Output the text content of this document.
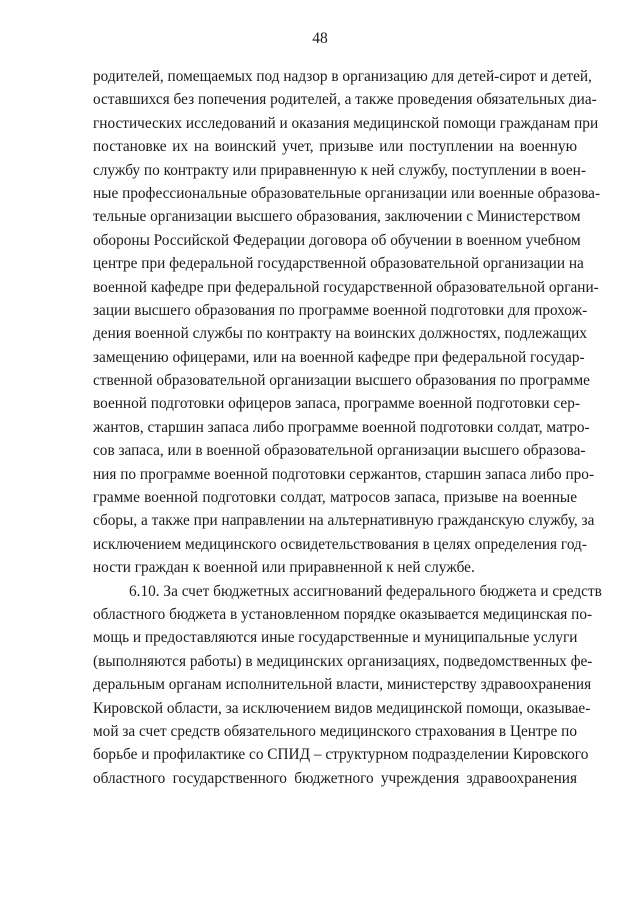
48
родителей, помещаемых под надзор в организацию для детей-сирот и детей,
оставшихся без попечения родителей, а также проведения обязательных диа-
гностических исследований и оказания медицинской помощи гражданам при
постановке их на воинский учет, призыве или поступлении на военную
службу по контракту или приравненную к ней службу, поступлении в воен-
ные профессиональные образовательные организации или военные образова-
тельные организации высшего образования, заключении с Министерством
обороны Российской Федерации договора об обучении в военном учебном
центре при федеральной государственной образовательной организации на
военной кафедре при федеральной государственной образовательной органи-
зации высшего образования по программе военной подготовки для прохож-
дения военной службы по контракту на воинских должностях, подлежащих
замещению офицерами, или на военной кафедре при федеральной государ-
ственной образовательной организации высшего образования по программе
военной подготовки офицеров запаса, программе военной подготовки сер-
жантов, старшин запаса либо программе военной подготовки солдат, матро-
сов запаса, или в военной образовательной организации высшего образова-
ния по программе военной подготовки сержантов, старшин запаса либо про-
грамме военной подготовки солдат, матросов запаса, призыве на военные
сборы, а также при направлении на альтернативную гражданскую службу, за
исключением медицинского освидетельствования в целях определения год-
ности граждан к военной или приравненной к ней службе.
6.10. За счет бюджетных ассигнований федерального бюджета и средств
областного бюджета в установленном порядке оказывается медицинская по-
мощь и предоставляются иные государственные и муниципальные услуги
(выполняются работы) в медицинских организациях, подведомственных фе-
деральным органам исполнительной власти, министерству здравоохранения
Кировской области, за исключением видов медицинской помощи, оказывае-
мой за счет средств обязательного медицинского страхования в Центре по
борьбе и профилактике со СПИД – структурном подразделении Кировского
областного государственного бюджетного учреждения здравоохранения
